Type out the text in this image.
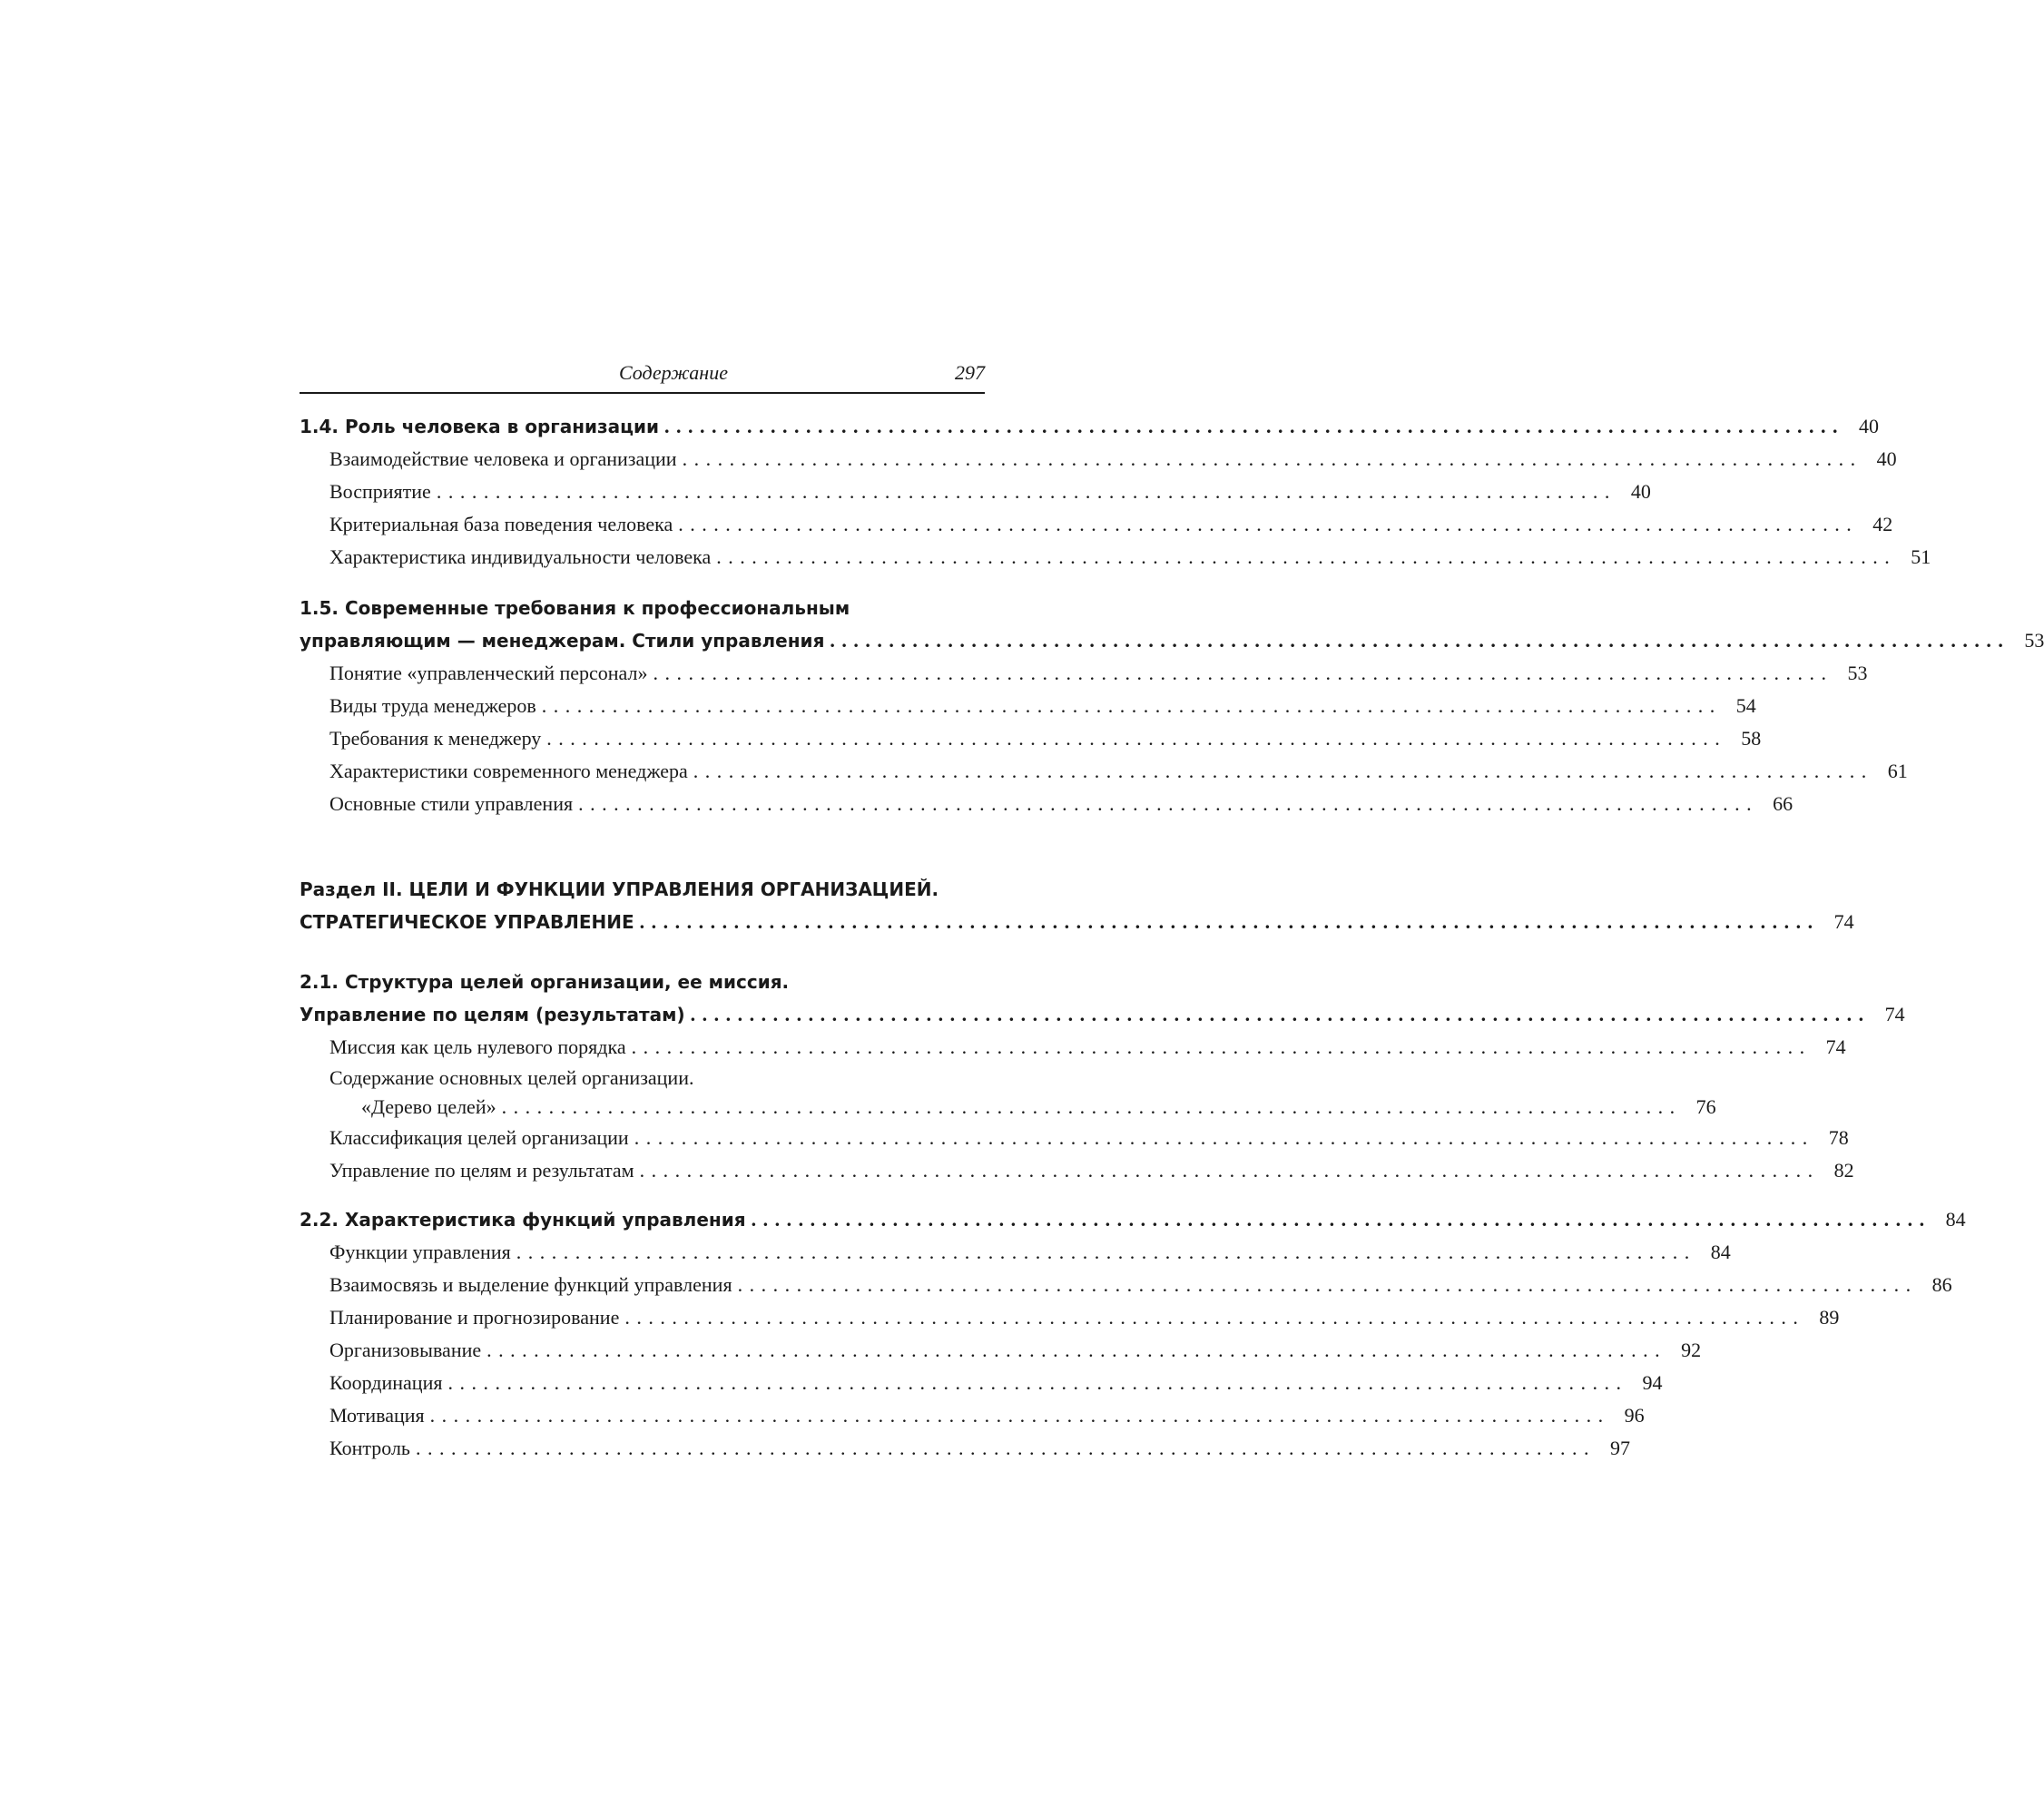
Содержание	297
1.4. Роль человека в организации .................................................................................................... 40
Взаимодействие человека и организации .................................................................................................... 40
Восприятие .................................................................................................... 40
Критериальная база поведения человека .................................................................................................... 42
Характеристика индивидуальности человека .................................................................................................... 51
1.5. Современные требования к профессиональным
управляющим — менеджерам. Стили управления .................................................................................................... 53
Понятие «управленческий персонал» .................................................................................................... 53
Виды труда менеджеров .................................................................................................... 54
Требования к менеджеру .................................................................................................... 58
Характеристики современного менеджера .................................................................................................... 61
Основные стили управления .................................................................................................... 66
Раздел II. ЦЕЛИ И ФУНКЦИИ УПРАВЛЕНИЯ ОРГАНИЗАЦИЕЙ.
СТРАТЕГИЧЕСКОЕ УПРАВЛЕНИЕ .................................................................................................... 74
2.1. Структура целей организации, ее миссия.
Управление по целям (результатам) .................................................................................................... 74
Миссия как цель нулевого порядка .................................................................................................... 74
Содержание основных целей организации.
«Дерево целей» .................................................................................................... 76
Классификация целей организации .................................................................................................... 78
Управление по целям и результатам .................................................................................................... 82
2.2. Характеристика функций управления .................................................................................................... 84
Функции управления .................................................................................................... 84
Взаимосвязь и выделение функций управления .................................................................................................... 86
Планирование и прогнозирование .................................................................................................... 89
Организовывание .................................................................................................... 92
Координация .................................................................................................... 94
Мотивация .................................................................................................... 96
Контроль .................................................................................................... 97
